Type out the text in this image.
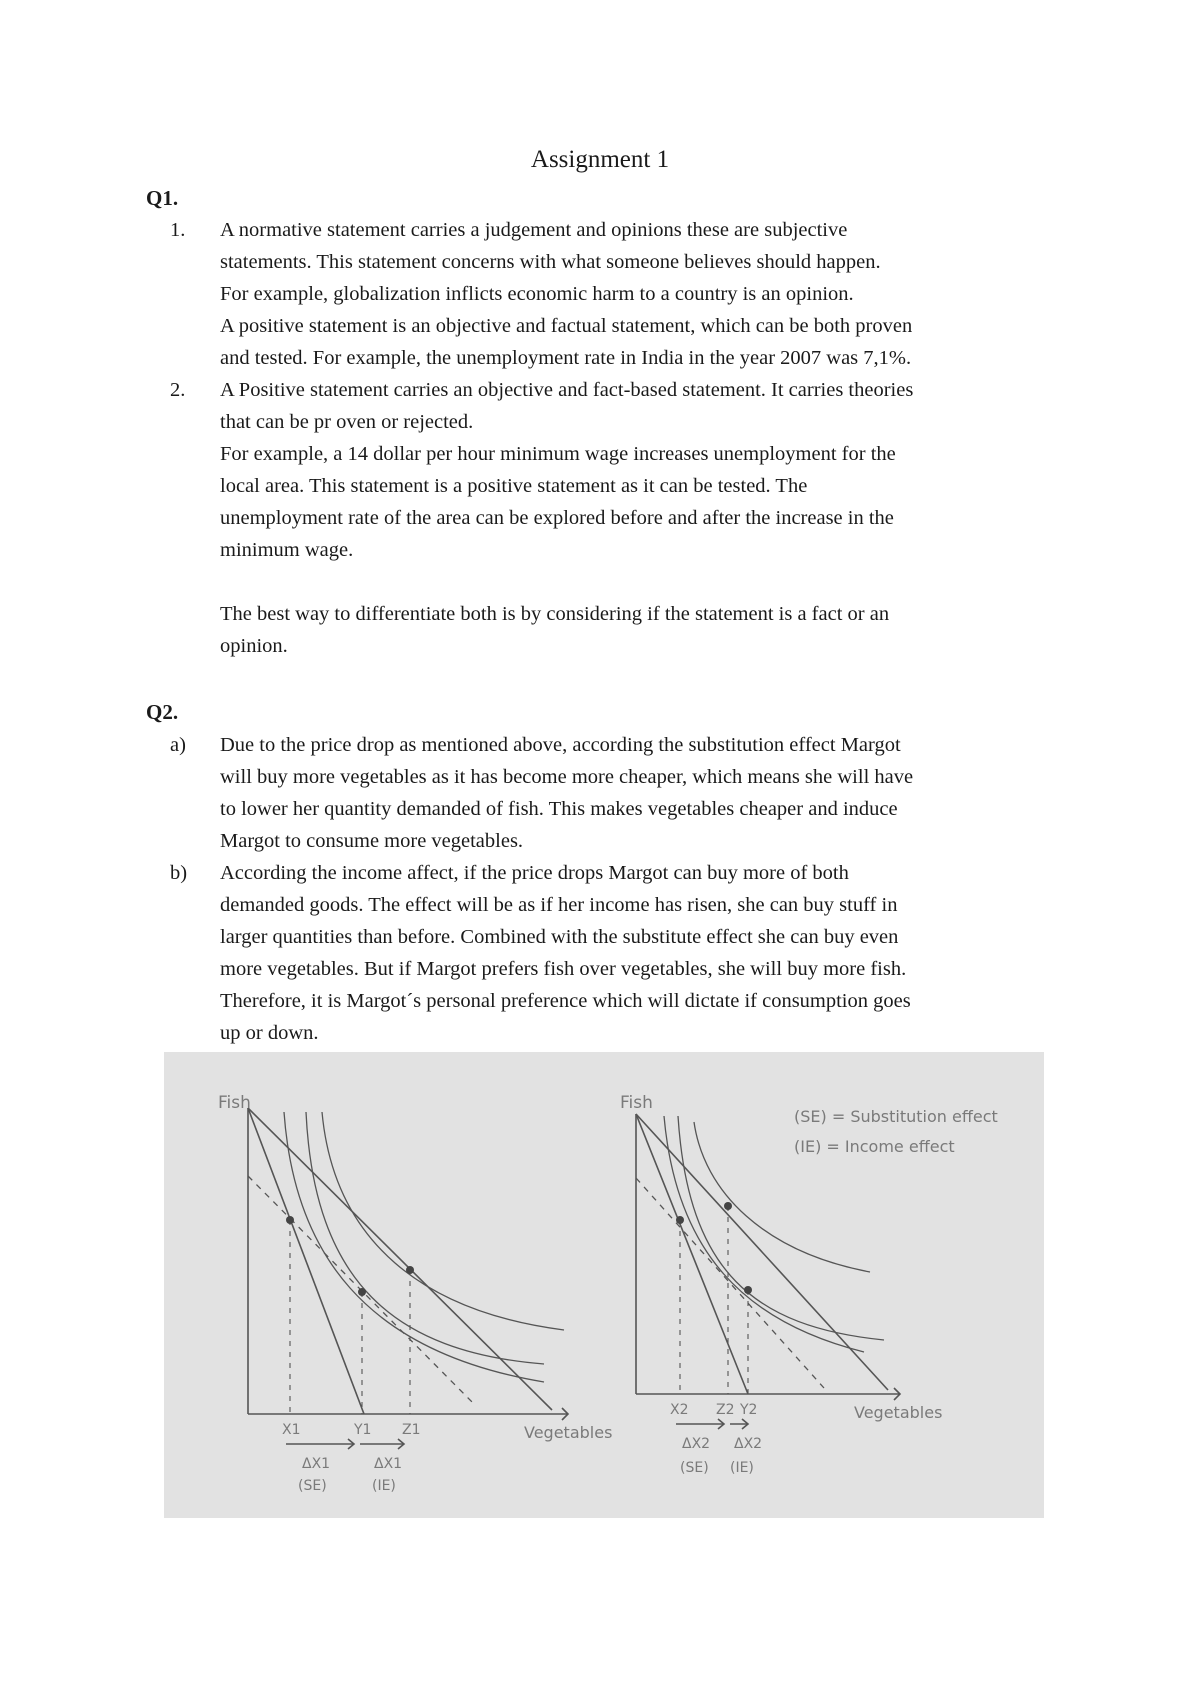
Assignment 1
Q1.
1. A normative statement carries a judgement and opinions these are subjective
statements. This statement concerns with what someone believes should happen.
For example, globalization inflicts economic harm to a country is an opinion.
A positive statement is an objective and factual statement, which can be both proven
and tested. For example, the unemployment rate in India in the year 2007 was 7,1%.
2. A Positive statement carries an objective and fact-based statement. It carries theories
that can be pr oven or rejected.
For example, a 14 dollar per hour minimum wage increases unemployment for the
local area. This statement is a positive statement as it can be tested. The
unemployment rate of the area can be explored before and after the increase in the
minimum wage.
The best way to differentiate both is by considering if the statement is a fact or an
opinion.
Q2.
a) Due to the price drop as mentioned above, according the substitution effect Margot
will buy more vegetables as it has become more cheaper, which means she will have
to lower her quantity demanded of fish. This makes vegetables cheaper and induce
Margot to consume more vegetables.
b) According the income affect, if the price drops Margot can buy more of both
demanded goods. The effect will be as if her income has risen, she can buy stuff in
larger quantities than before. Combined with the substitute effect she can buy even
more vegetables. But if Margot prefers fish over vegetables, she will buy more fish.
Therefore, it is Margot´s personal preference which will dictate if consumption goes
up or down.
Fish
Vegetables
X1	Y1 Z1
ΔX1
(SE)
ΔX1
(IE)
Fish
Vegetables
X2 Z2 Y2
ΔX2
(SE)
ΔX2
(IE)
(SE) = Substitution effect
(IE) = Income effect
